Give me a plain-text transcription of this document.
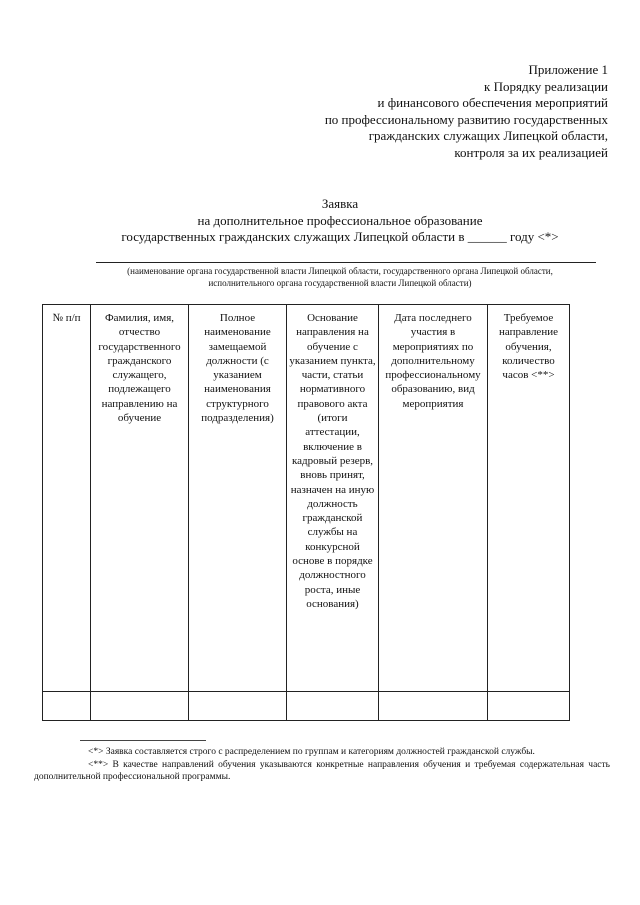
Приложение 1
к Порядку реализации
и финансового обеспечения мероприятий
по профессиональному развитию государственных
гражданских служащих Липецкой области,
контроля за их реализацией
Заявка
на дополнительное профессиональное образование
государственных гражданских служащих Липецкой области в ______ году <*>
(наименование органа государственной власти Липецкой области, государственного органа Липецкой области,
исполнительного органа государственной власти Липецкой области)
№ п/п	Фамилия, имя, отчество государственного гражданского служащего, подлежащего направлению на обучение	Полное наименование замещаемой должности (с указанием наименования структурного подразделения)	Основание направления на обучение с указанием пункта, части, статьи нормативного правового акта (итоги аттестации, включение в кадровый резерв, вновь принят, назначен на иную должность гражданской службы на конкурсной основе в порядке должностного роста, иные основания)	Дата последнего участия в мероприятиях по дополнительному профессиональному образованию, вид мероприятия	Требуемое направление обучения, количество часов <**>

<*> Заявка составляется строго с распределением по группам и категориям должностей гражданской службы.
<**> В качестве направлений обучения указываются конкретные направления обучения и требуемая содержательная часть дополнительной профессиональной программы.
